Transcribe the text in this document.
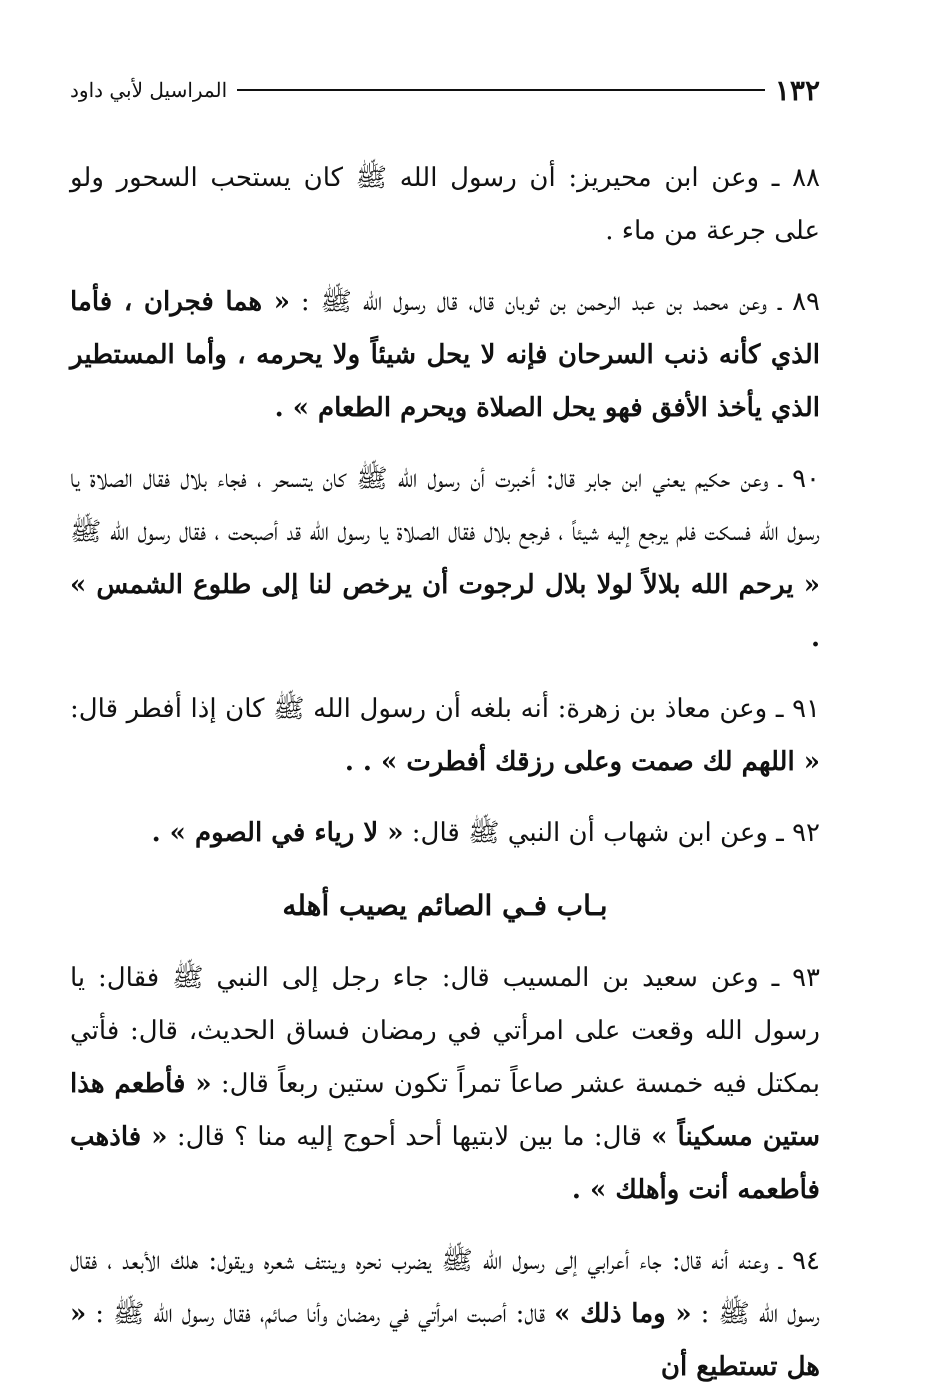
١٣٢
المراسيل لأبي داود

٨٨ ـ وعن ابن محيريز: أن رسول الله ﷺ كان يستحب السحور ولو على جرعة من ماء .

٨٩ ـ وعن محمد بن عبد الرحمن بن ثوبان قال، قال رسول الله ﷺ : « هما فجران ، فأما الذي كأنه ذنب السرحان فإنه لا يحل شيئاً ولا يحرمه ، وأما المستطير الذي يأخذ الأفق فهو يحل الصلاة ويحرم الطعام » .

٩٠ ـ وعن حكيم يعني ابن جابر قال: أخبرت أن رسول الله ﷺ كان يتسحر ، فجاء بلال فقال الصلاة يا رسول الله فسكت فلم يرجع إليه شيئاً ، فرجع بلال فقال الصلاة يا رسول الله قد أصبحت ، فقال رسول الله ﷺ « يرحم الله بلالاً لولا بلال لرجوت أن يرخص لنا إلى طلوع الشمس » .

٩١ ـ وعن معاذ بن زهرة: أنه بلغه أن رسول الله ﷺ كان إذا أفطر قال: « اللهم لك صمت وعلى رزقك أفطرت » . .

٩٢ ـ وعن ابن شهاب أن النبي ﷺ قال: « لا رياء في الصوم » .

بـاب فـي الصائم يصيب أهله

٩٣ ـ وعن سعيد بن المسيب قال: جاء رجل إلى النبي ﷺ فقال: يا رسول الله وقعت على امرأتي في رمضان فساق الحديث، قال: فأتي بمكتل فيه خمسة عشر صاعاً تمراً تكون ستين ربعاً قال: « فأطعم هذا ستين مسكيناً » قال: ما بين لابتيها أحد أحوج إليه منا ؟ قال: « فاذهب فأطعمه أنت وأهلك » .

٩٤ ـ وعنه أنه قال: جاء أعرابي إلى رسول الله ﷺ يضرب نحره وينتف شعره ويقول: هلك الأبعد ، فقال رسول الله ﷺ : « وما ذلك » قال: أصبت امرأتي في رمضان وأنا صائم، فقال رسول الله ﷺ : « هل تستطيع أن
